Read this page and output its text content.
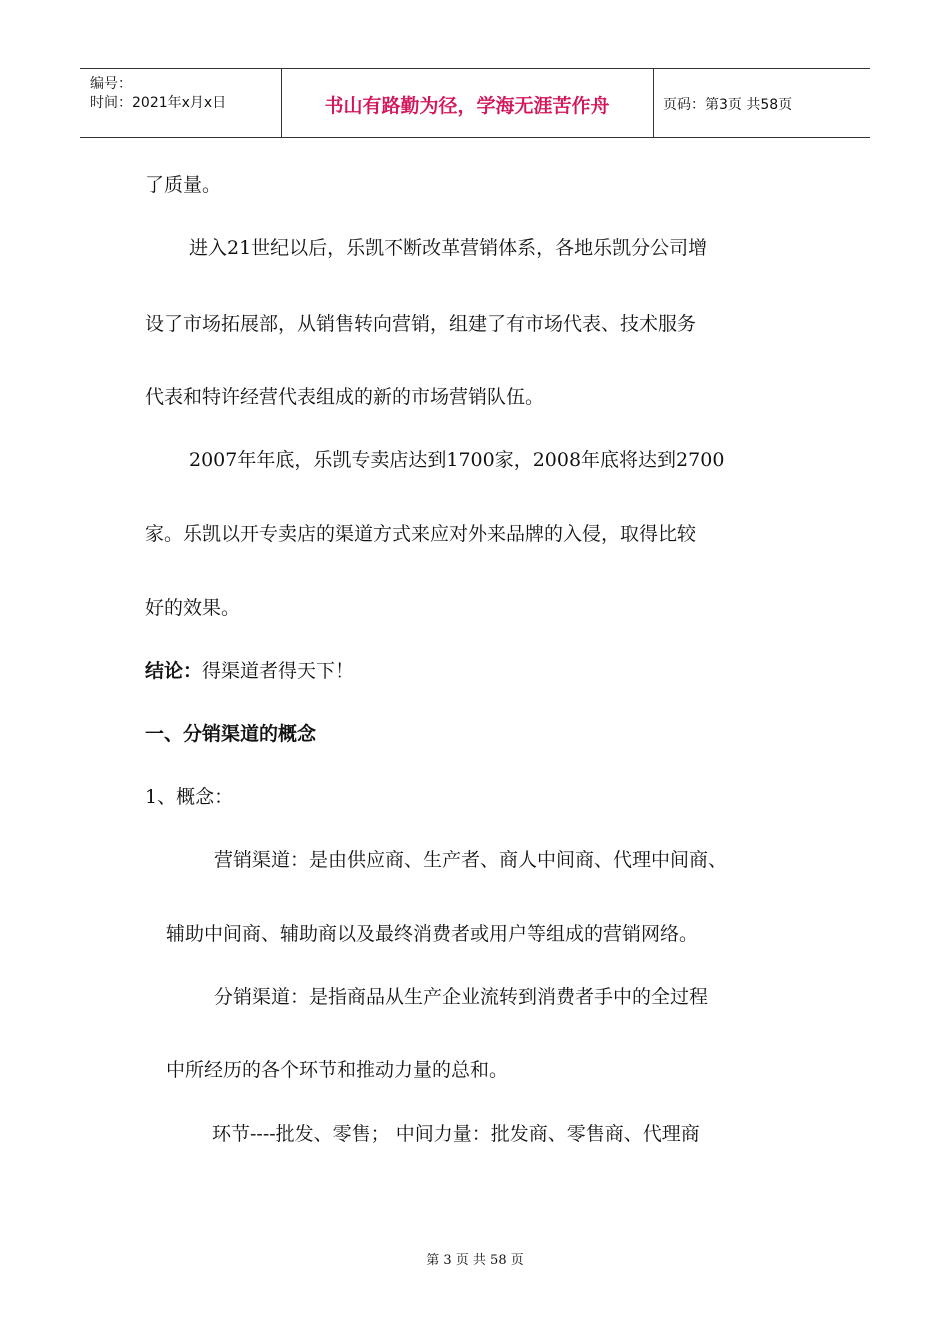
编号：
时间：2021年x月x日	书山有路勤为径，学海无涯苦作舟	页码：第3页 共58页
了质量。
进入21世纪以后，乐凯不断改革营销体系，各地乐凯分公司增
设了市场拓展部，从销售转向营销，组建了有市场代表、技术服务
代表和特许经营代表组成的新的市场营销队伍。
2007年年底，乐凯专卖店达到1700家，2008年底将达到2700
家。乐凯以开专卖店的渠道方式来应对外来品牌的入侵，取得比较
好的效果。
结论：得渠道者得天下！
一、分销渠道的概念
1、概念：
营销渠道：是由供应商、生产者、商人中间商、代理中间商、
辅助中间商、辅助商以及最终消费者或用户等组成的营销网络。
分销渠道：是指商品从生产企业流转到消费者手中的全过程
中所经历的各个环节和推动力量的总和。
环节----批发、零售； 中间力量：批发商、零售商、代理商
第 3 页 共 58 页
